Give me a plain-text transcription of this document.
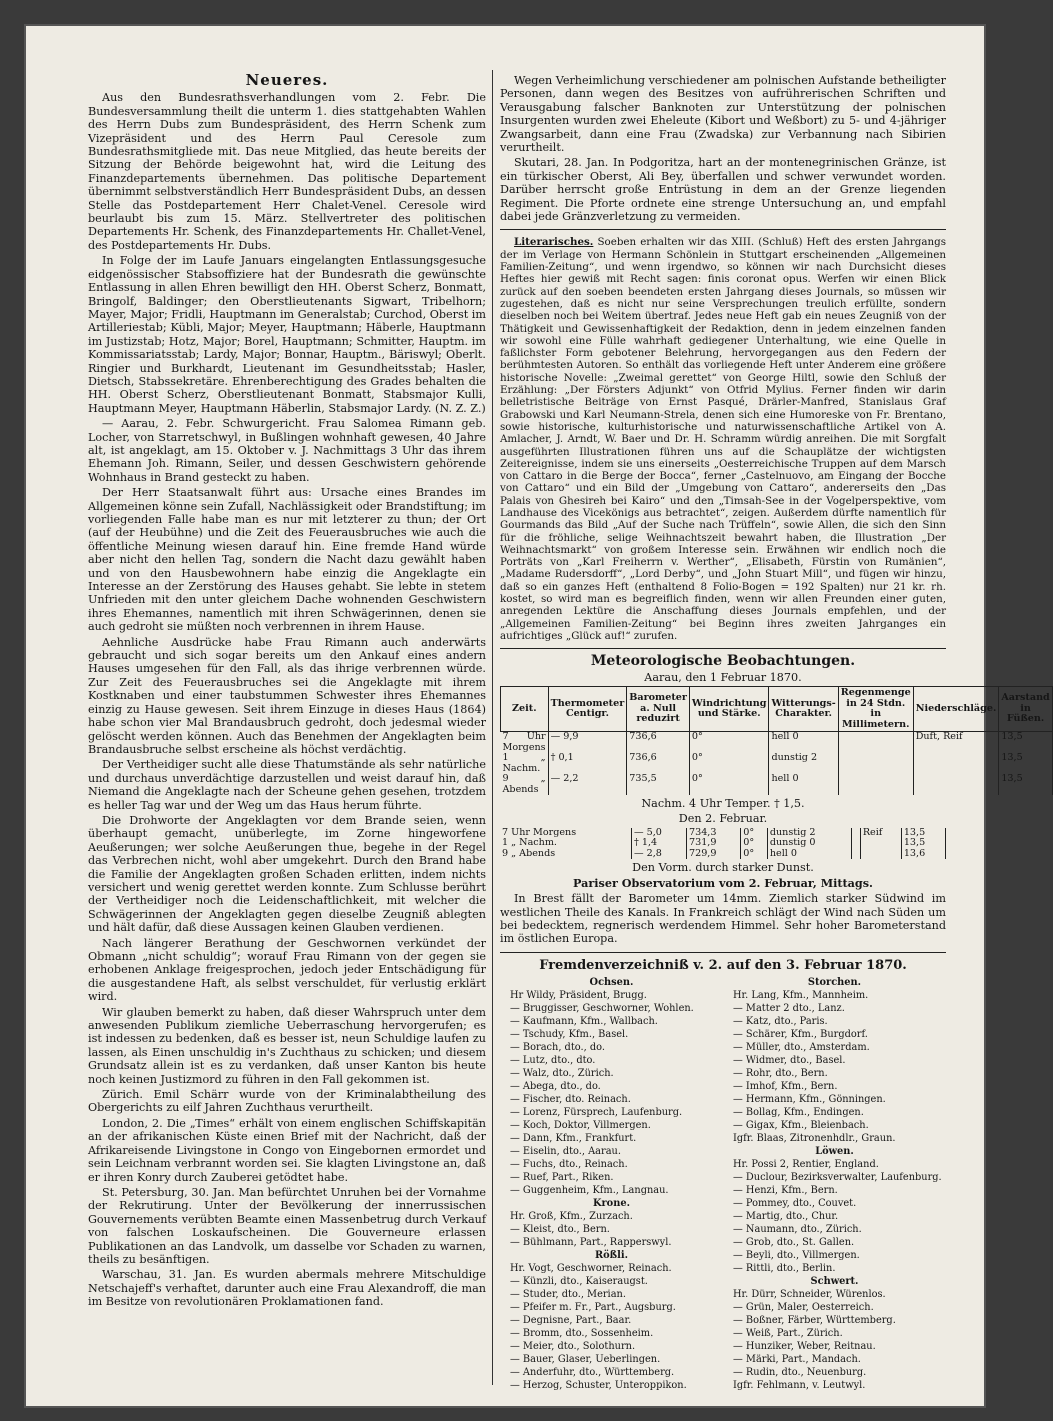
Neueres.

Aus den Bundesrathsverhandlungen vom 2. Febr. Die Bundesversammlung theilt die unterm 1. dies stattgehabten Wahlen des Herrn Dubs zum Bundespräsident, des Herrn Schenk zum Vizepräsident und des Herrn Paul Ceresole zum Bundesrathsmitgliede mit. Das neue Mitglied, das heute bereits der Sitzung der Behörde beigewohnt hat, wird die Leitung des Finanzdepartements übernehmen. Das politische Departement übernimmt selbstverständlich Herr Bundespräsident Dubs, an dessen Stelle das Postdepartement Herr Chalet-Venel. Ceresole wird beurlaubt bis zum 15. März. Stellvertreter des politischen Departements Hr. Schenk, des Finanzdepartements Hr. Challet-Venel, des Postdepartements Hr. Dubs.

In Folge der im Laufe Januars eingelangten Entlassungsgesuche eidgenössischer Stabsoffiziere hat der Bundesrath die gewünschte Entlassung in allen Ehren bewilligt den HH. Oberst Scherz, Bonmatt, Bringolf, Baldinger; den Oberstlieutenants Sigwart, Tribelhorn; Mayer, Major; Fridli, Hauptmann im Generalstab; Curchod, Oberst im Artilleriestab; Kübli, Major; Meyer, Hauptmann; Häberle, Hauptmann im Justizstab; Hotz, Major; Borel, Hauptmann; Schmitter, Hauptm. im Kommissariatsstab; Lardy, Major; Bonnar, Hauptm., Bäriswyl; Oberlt. Ringier und Burkhardt, Lieutenant im Gesundheitsstab; Hasler, Dietsch, Stabssekretäre. Ehrenberechtigung des Grades behalten die HH. Oberst Scherz, Oberstlieutenant Bonmatt, Stabsmajor Kulli, Hauptmann Meyer, Hauptmann Häberlin, Stabsmajor Lardy. (N. Z. Z.)

— Aarau, 2. Febr. Schwurgericht. Frau Salomea Rimann geb. Locher, von Starretschwyl, in Bußlingen wohnhaft gewesen, 40 Jahre alt, ist angeklagt, am 15. Oktober v. J. Nachmittags 3 Uhr das ihrem Ehemann Joh. Rimann, Seiler, und dessen Geschwistern gehörende Wohnhaus in Brand gesteckt zu haben.

Der Herr Staatsanwalt führt aus: Ursache eines Brandes im Allgemeinen könne sein Zufall, Nachlässigkeit oder Brandstiftung; im vorliegenden Falle habe man es nur mit letzterer zu thun; der Ort (auf der Heubühne) und die Zeit des Feuerausbruches wie auch die öffentliche Meinung wiesen darauf hin. Eine fremde Hand würde aber nicht den hellen Tag, sondern die Nacht dazu gewählt haben und von den Hausbewohnern habe einzig die Angeklagte ein Interesse an der Zerstörung des Hauses gehabt. Sie lebte in stetem Unfrieden mit den unter gleichem Dache wohnenden Geschwistern ihres Ehemannes, namentlich mit ihren Schwägerinnen, denen sie auch gedroht sie müßten noch verbrennen in ihrem Hause.

Aehnliche Ausdrücke habe Frau Rimann auch anderwärts gebraucht und sich sogar bereits um den Ankauf eines andern Hauses umgesehen für den Fall, als das ihrige verbrennen würde. Zur Zeit des Feuerausbruches sei die Angeklagte mit ihrem Kostknaben und einer taubstummen Schwester ihres Ehemannes einzig zu Hause gewesen. Seit ihrem Einzuge in dieses Haus (1864) habe schon vier Mal Brandausbruch gedroht, doch jedesmal wieder gelöscht werden können. Auch das Benehmen der Angeklagten beim Brandausbruche selbst erscheine als höchst verdächtig.

Der Vertheidiger sucht alle diese Thatumstände als sehr natürliche und durchaus unverdächtige darzustellen und weist darauf hin, daß Niemand die Angeklagte nach der Scheune gehen gesehen, trotzdem es heller Tag war und der Weg um das Haus herum führte.

Die Drohworte der Angeklagten vor dem Brande seien, wenn überhaupt gemacht, unüberlegte, im Zorne hingeworfene Aeußerungen; wer solche Aeußerungen thue, begehe in der Regel das Verbrechen nicht, wohl aber umgekehrt. Durch den Brand habe die Familie der Angeklagten großen Schaden erlitten, indem nichts versichert und wenig gerettet werden konnte. Zum Schlusse berührt der Vertheidiger noch die Leidenschaftlichkeit, mit welcher die Schwägerinnen der Angeklagten gegen dieselbe Zeugniß ablegten und hält dafür, daß diese Aussagen keinen Glauben verdienen.

Nach längerer Berathung der Geschwornen verkündet der Obmann „nicht schuldig“; worauf Frau Rimann von der gegen sie erhobenen Anklage freigesprochen, jedoch jeder Entschädigung für die ausgestandene Haft, als selbst verschuldet, für verlustig erklärt wird.

Wir glauben bemerkt zu haben, daß dieser Wahrspruch unter dem anwesenden Publikum ziemliche Ueberraschung hervorgerufen; es ist indessen zu bedenken, daß es besser ist, neun Schuldige laufen zu lassen, als Einen unschuldig in's Zuchthaus zu schicken; und diesem Grundsatz allein ist es zu verdanken, daß unser Kanton bis heute noch keinen Justizmord zu führen in den Fall gekommen ist.

Zürich. Emil Schärr wurde von der Kriminalabtheilung des Obergerichts zu eilf Jahren Zuchthaus verurtheilt.

London, 2. Die „Times“ erhält von einem englischen Schiffskapitän an der afrikanischen Küste einen Brief mit der Nachricht, daß der Afrikareisende Livingstone in Congo von Eingebornen ermordet und sein Leichnam verbrannt worden sei. Sie klagten Livingstone an, daß er ihren Konry durch Zauberei getödtet habe.

St. Petersburg, 30. Jan. Man befürchtet Unruhen bei der Vornahme der Rekrutirung. Unter der Bevölkerung der innerrussischen Gouvernements verübten Beamte einen Massenbetrug durch Verkauf von falschen Loskaufscheinen. Die Gouverneure erlassen Publikationen an das Landvolk, um dasselbe vor Schaden zu warnen, theils zu besänftigen.

Warschau, 31. Jan. Es wurden abermals mehrere Mitschuldige Netschajeff's verhaftet, darunter auch eine Frau Alexandroff, die man im Besitze von revolutionären Proklamationen fand.

Wegen Verheimlichung verschiedener am polnischen Aufstande betheiligter Personen, dann wegen des Besitzes von aufrührerischen Schriften und Verausgabung falscher Banknoten zur Unterstützung der polnischen Insurgenten wurden zwei Eheleute (Kibort und Weßbort) zu 5- und 4-jähriger Zwangsarbeit, dann eine Frau (Zwadska) zur Verbannung nach Sibirien verurtheilt.

Skutari, 28. Jan. In Podgoritza, hart an der montenegrinischen Gränze, ist ein türkischer Oberst, Ali Bey, überfallen und schwer verwundet worden. Darüber herrscht große Entrüstung in dem an der Grenze liegenden Regiment. Die Pforte ordnete eine strenge Untersuchung an, und empfahl dabei jede Gränzverletzung zu vermeiden.

Literarisches. Soeben erhalten wir das XIII. (Schluß) Heft des ersten Jahrgangs der im Verlage von Hermann Schönlein in Stuttgart erscheinenden „Allgemeinen Familien-Zeitung“, und wenn irgendwo, so können wir nach Durchsicht dieses Heftes hier gewiß mit Recht sagen: finis coronat opus. Werfen wir einen Blick zurück auf den soeben beendeten ersten Jahrgang dieses Journals, so müssen wir zugestehen, daß es nicht nur seine Versprechungen treulich erfüllte, sondern dieselben noch bei Weitem übertraf. Jedes neue Heft gab ein neues Zeugniß von der Thätigkeit und Gewissenhaftigkeit der Redaktion, denn in jedem einzelnen fanden wir sowohl eine Fülle wahrhaft gediegener Unterhaltung, wie eine Quelle in faßlichster Form gebotener Belehrung, hervorgegangen aus den Federn der berühmtesten Autoren. So enthält das vorliegende Heft unter Anderem eine größere historische Novelle: „Zweimal gerettet“ von George Hiltl, sowie den Schluß der Erzählung: „Der Försters Adjunkt“ von Otfrid Mylius. Ferner finden wir darin belletristische Beiträge von Ernst Pasqué, Drärler-Manfred, Stanislaus Graf Grabowski und Karl Neumann-Strela, denen sich eine Humoreske von Fr. Brentano, sowie historische, kulturhistorische und naturwissenschaftliche Artikel von A. Amlacher, J. Arndt, W. Baer und Dr. H. Schramm würdig anreihen. Die mit Sorgfalt ausgeführten Illustrationen führen uns auf die Schauplätze der wichtigsten Zeitereignisse, indem sie uns einerseits „Oesterreichische Truppen auf dem Marsch von Cattaro in die Berge der Bocca“, ferner „Castelnuovo, am Eingang der Bocche von Cattaro“ und ein Bild der „Umgebung von Cattaro“, andererseits den „Das Palais von Ghesireh bei Kairo“ und den „Timsah-See in der Vogelperspektive, vom Landhause des Vicekönigs aus betrachtet“, zeigen. Außerdem dürfte namentlich für Gourmands das Bild „Auf der Suche nach Trüffeln“, sowie Allen, die sich den Sinn für die fröhliche, selige Weihnachtszeit bewahrt haben, die Illustration „Der Weihnachtsmarkt“ von großem Interesse sein. Erwähnen wir endlich noch die Porträts von „Karl Freiherrn v. Werther“, „Elisabeth, Fürstin von Rumänien“, „Madame Rudersdorff“, „Lord Derby“, und „John Stuart Mill“, und fügen wir hinzu, daß so ein ganzes Heft (enthaltend 8 Folio-Bogen = 192 Spalten) nur 21 kr. rh. kostet, so wird man es begreiflich finden, wenn wir allen Freunden einer guten, anregenden Lektüre die Anschaffung dieses Journals empfehlen, und der „Allgemeinen Familien-Zeitung“ bei Beginn ihres zweiten Jahrganges ein aufrichtiges „Glück auf!“ zurufen.

Meteorologische Beobachtungen.
Aarau, den 1 Februar 1870.
Zeit.	Thermometer Centigr.	Barometer a. Null reduzirt	Windrichtung und Stärke.	Witterungs-Charakter.	Regenmenge in 24 Stdn. in Millimetern.	Niederschläge.	Aarstand in Füßen.
7 Uhr Morgens	— 9,9	736,6	0°	hell 0		Duft, Reif	13,5
1 „ Nachm.	† 0,1	736,6	0°	dunstig 2			13,5
9 „ Abends	— 2,2	735,5	0°	hell 0			13,5
Nachm. 4 Uhr Temper. † 1,5.
Den 2. Februar.
7 Uhr Morgens	— 5,0	734,3	0°	dunstig 2		Reif	13,5
1 „ Nachm.	† 1,4	731,9	0°	dunstig 0			13,5
9 „ Abends	— 2,8	729,9	0°	hell 0			13,6
Den Vorm. durch starker Dunst.
Pariser Observatorium vom 2. Februar, Mittags.

In Brest fällt der Barometer um 14mm. Ziemlich starker Südwind im westlichen Theile des Kanals. In Frankreich schlägt der Wind nach Süden um bei bedecktem, regnerisch werdendem Himmel. Sehr hoher Barometerstand im östlichen Europa.

Fremdenverzeichniß v. 2. auf den 3. Februar 1870.
Ochsen.
Hr Wildy, Präsident, Brugg.
— Bruggisser, Geschworner, Wohlen.
— Kaufmann, Kfm., Wallbach.
— Tschudy, Kfm., Basel.
— Borach, dto., do.
— Lutz, dto., dto.
— Walz, dto., Zürich.
— Abega, dto., do.
— Fischer, dto. Reinach.
— Lorenz, Fürsprech, Laufenburg.
— Koch, Doktor, Villmergen.
— Dann, Kfm., Frankfurt.
— Eiselin, dto., Aarau.
— Fuchs, dto., Reinach.
— Ruef, Part., Riken.
— Guggenheim, Kfm., Langnau.
Krone.
Hr. Groß, Kfm., Zurzach.
— Kleist, dto., Bern.
— Bühlmann, Part., Rapperswyl.
Rößli.
Hr. Vogt, Geschworner, Reinach.
— Künzli, dto., Kaiseraugst.
— Studer, dto., Merian.
— Pfeifer m. Fr., Part., Augsburg.
— Degnisne, Part., Baar.
— Bromm, dto., Sossenheim.
— Meier, dto., Solothurn.
— Bauer, Glaser, Ueberlingen.
— Anderfuhr, dto., Württemberg.
— Herzog, Schuster, Unteroppikon.
Storchen.
Hr. Lang, Kfm., Mannheim.
— Matter 2 dto., Lanz.
— Katz, dto., Paris.
— Schärer, Kfm., Burgdorf.
— Müller, dto., Amsterdam.
— Widmer, dto., Basel.
— Rohr, dto., Bern.
— Imhof, Kfm., Bern.
— Hermann, Kfm., Gönningen.
— Bollag, Kfm., Endingen.
— Gigax, Kfm., Bleienbach.
Igfr. Blaas, Zitronenhdlr., Graun.
Löwen.
Hr. Possi 2, Rentier, England.
— Duclour, Bezirksverwalter, Laufenburg.
— Henzi, Kfm., Bern.
— Pommey, dto., Couvet.
— Martig, dto., Chur.
— Naumann, dto., Zürich.
— Grob, dto., St. Gallen.
— Beyli, dto., Villmergen.
— Rittli, dto., Berlin.
Schwert.
Hr. Dürr, Schneider, Würenlos.
— Grün, Maler, Oesterreich.
— Boßner, Färber, Württemberg.
— Weiß, Part., Zürich.
— Hunziker, Weber, Reitnau.
— Märki, Part., Mandach.
— Rudin, dto., Neuenburg.
Igfr. Fehlmann, v. Leutwyl.
